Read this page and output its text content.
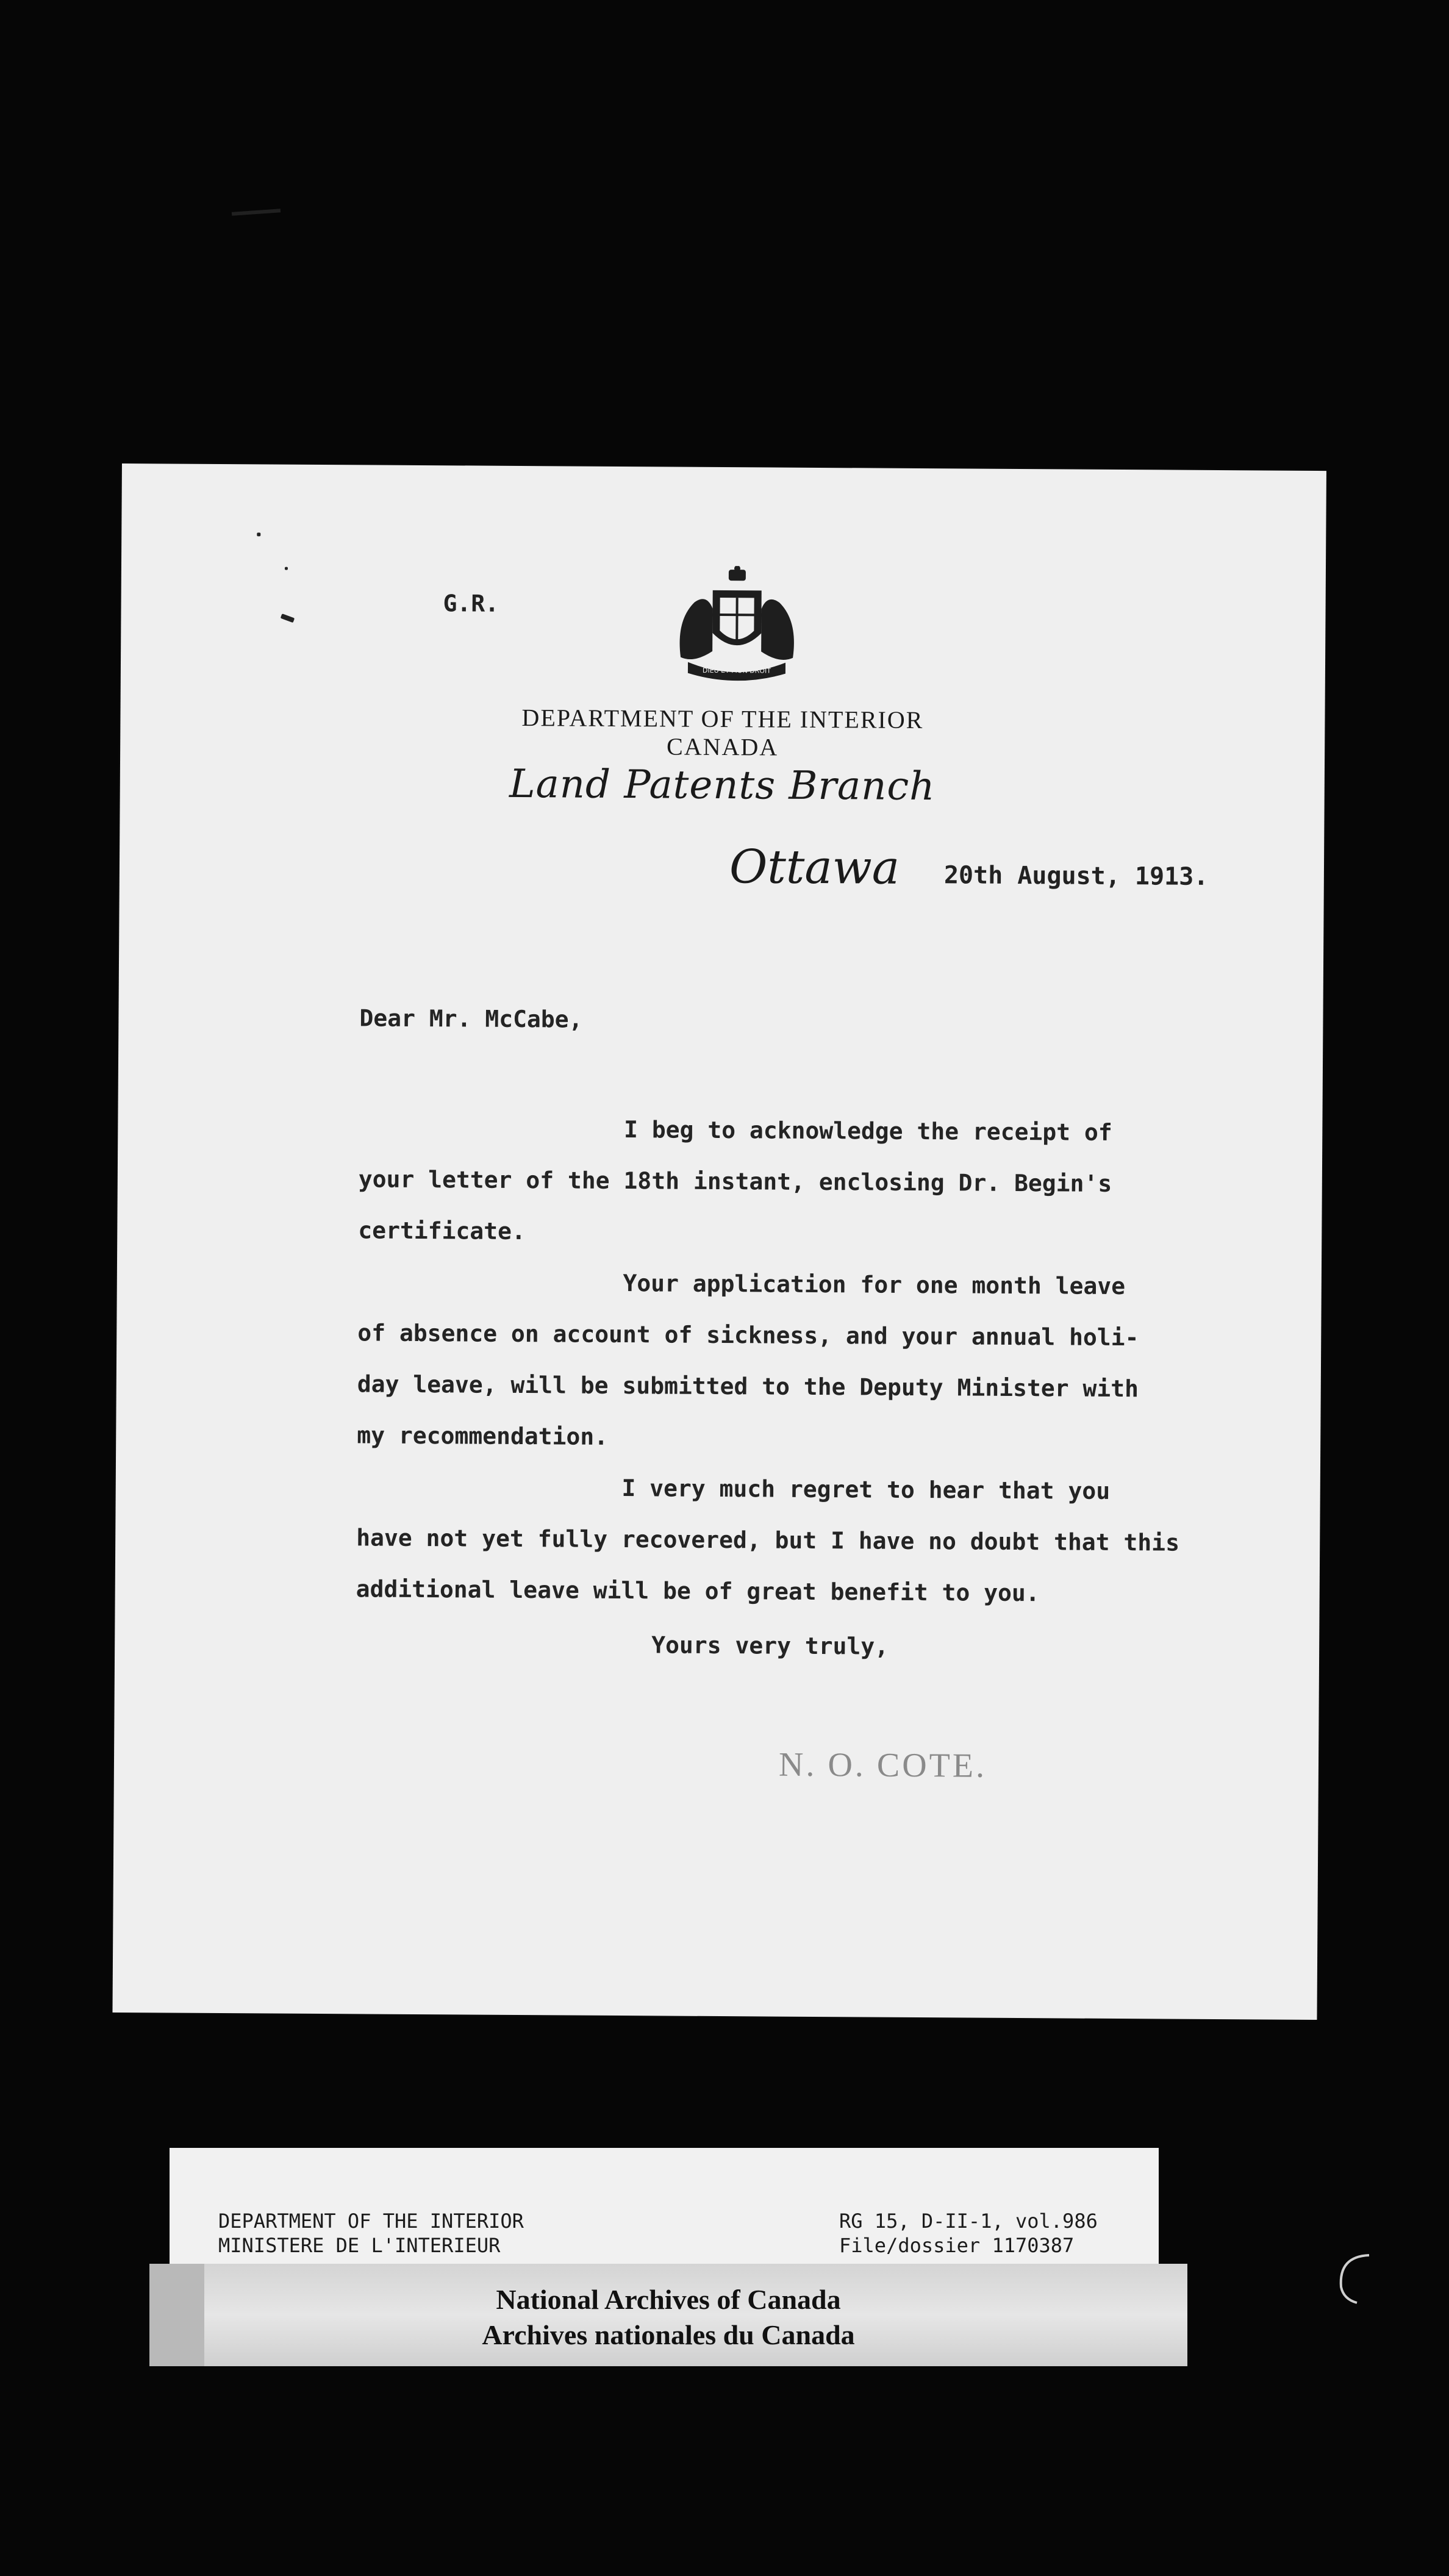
G.R.
DIEU ET MON DROIT
DEPARTMENT OF THE INTERIOR
CANADA
Land Patents Branch
Ottawa 20th August, 1913.
Dear Mr. McCabe,
I beg to acknowledge the receipt of
your letter of the 18th instant, enclosing Dr. Begin's
certificate.
Your application for one month leave
of absence on account of sickness, and your annual holi-
day leave, will be submitted to the Deputy Minister with
my recommendation.
I very much regret to hear that you
have not yet fully recovered, but I have no doubt that this
additional leave will be of great benefit to you.
Yours very truly,
N. O. COTE.
DEPARTMENT OF THE INTERIOR
MINISTERE DE L'INTERIEUR
RG 15, D-II-1, vol.986
File/dossier 1170387
National Archives of Canada
Archives nationales du Canada
